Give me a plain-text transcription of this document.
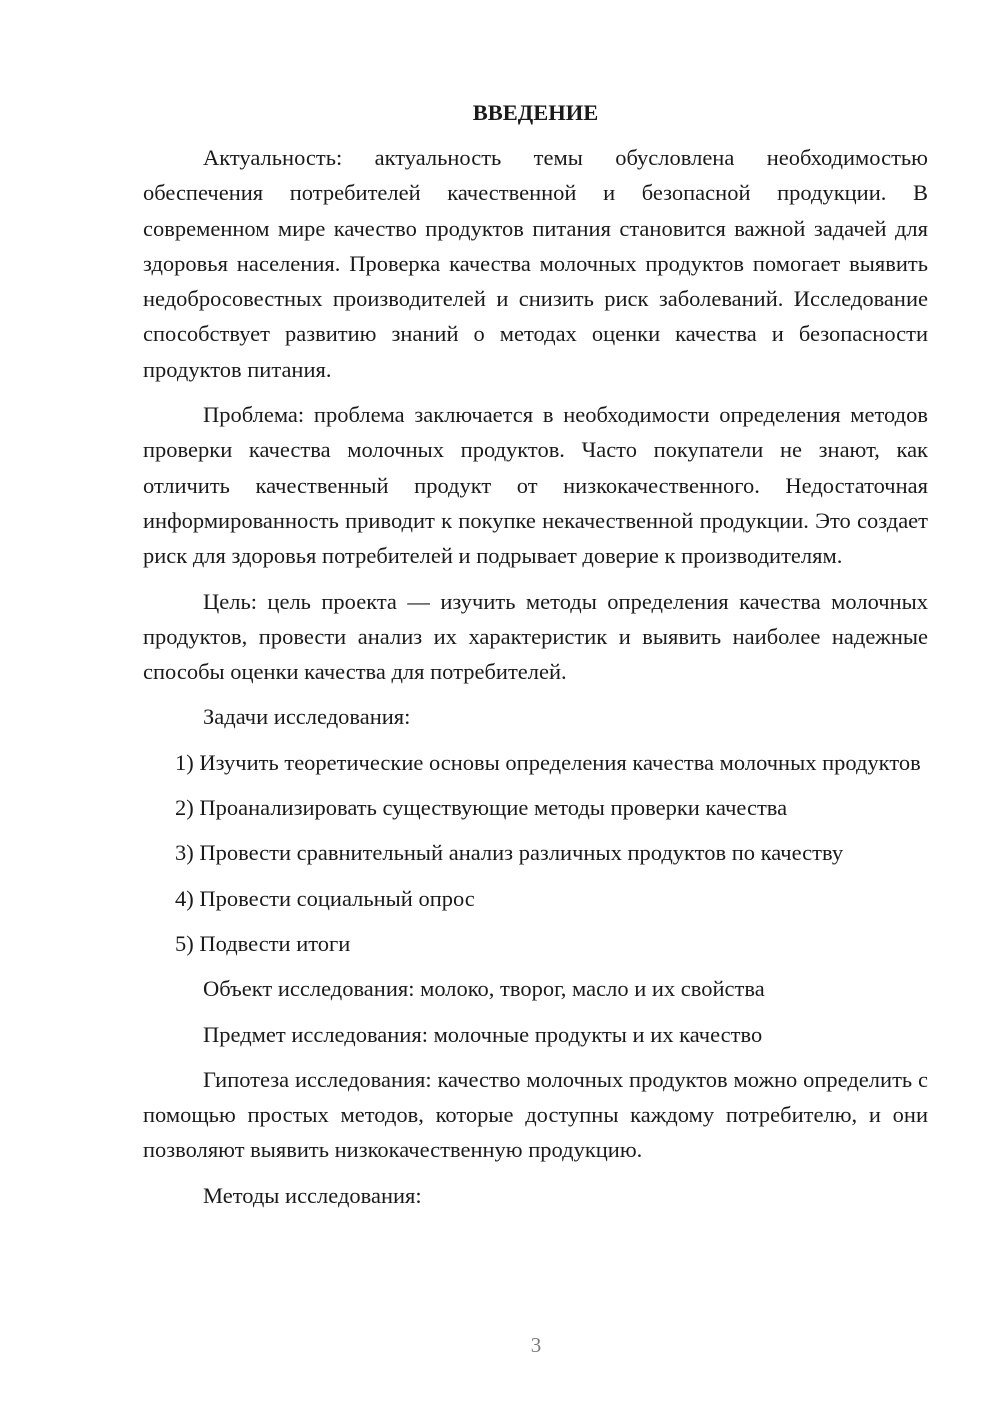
ВВЕДЕНИЕ

Актуальность: актуальность темы обусловлена необходимостью обеспечения потребителей качественной и безопасной продукции. В современном мире качество продуктов питания становится важной задачей для здоровья населения. Проверка качества молочных продуктов помогает выявить недобросовестных производителей и снизить риск заболеваний. Исследование способствует развитию знаний о методах оценки качества и безопасности продуктов питания.

Проблема: проблема заключается в необходимости определения методов проверки качества молочных продуктов. Часто покупатели не знают, как отличить качественный продукт от низкокачественного. Недостаточная информированность приводит к покупке некачественной продукции. Это создает риск для здоровья потребителей и подрывает доверие к производителям.

Цель: цель проекта — изучить методы определения качества молочных продуктов, провести анализ их характеристик и выявить наиболее надежные способы оценки качества для потребителей.

Задачи исследования:

1) Изучить теоретические основы определения качества молочных продуктов

2) Проанализировать существующие методы проверки качества

3) Провести сравнительный анализ различных продуктов по качеству

4) Провести социальный опрос

5) Подвести итоги

Объект исследования: молоко, творог, масло и их свойства

Предмет исследования: молочные продукты и их качество

Гипотеза исследования: качество молочных продуктов можно определить с помощью простых методов, которые доступны каждому потребителю, и они позволяют выявить низкокачественную продукцию.

Методы исследования:

3
